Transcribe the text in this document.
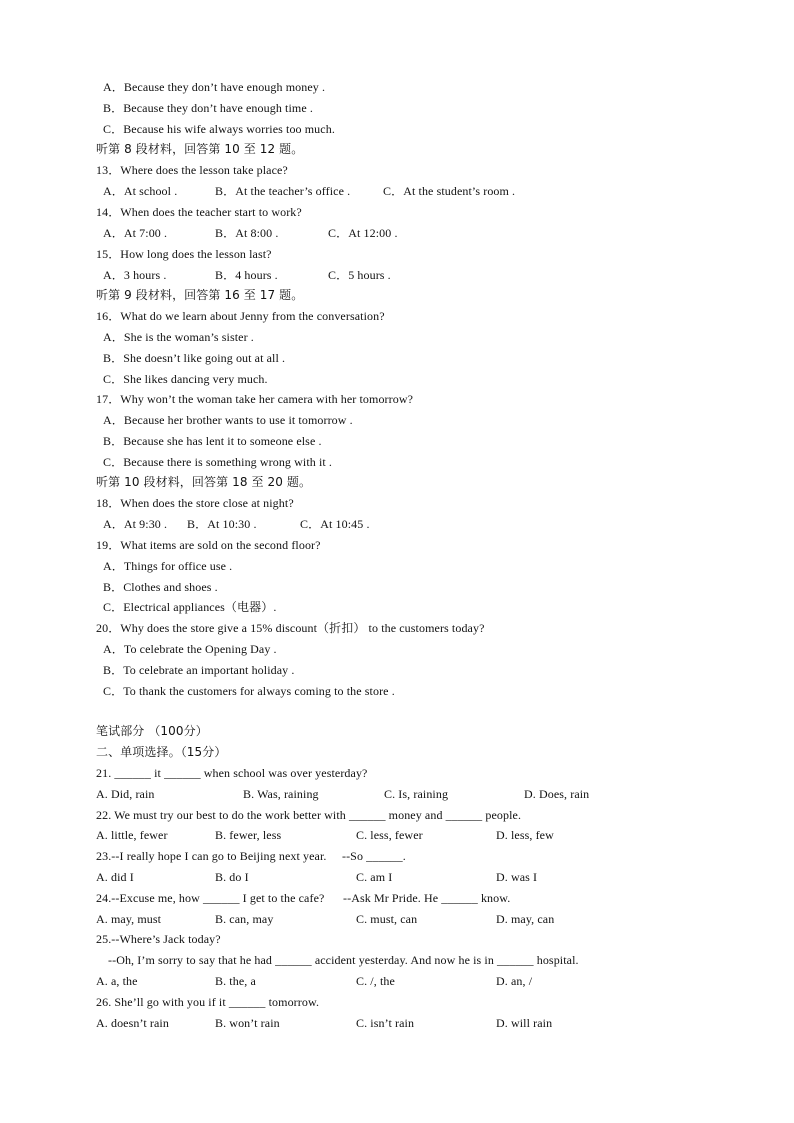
A．Because they don’t have enough money .
B．Because they don’t have enough time .
C．Because his wife always worries too much.
听第 8 段材料，回答第 10 至 12 题。
13．Where does the lesson take place?
A．At school .	B．At the teacher’s office .	C．At the student’s room .
14．When does the teacher start to work?
A．At 7:00 .	B．At 8:00 .	C．At 12:00 .
15．How long does the lesson last?
A．3 hours .	B．4 hours .	C．5 hours .
听第 9 段材料，回答第 16 至 17 题。
16．What do we learn about Jenny from the conversation?
A．She is the woman’s sister .
B．She doesn’t like going out at all .
C．She likes dancing very much.
17．Why won’t the woman take her camera with her tomorrow?
A．Because her brother wants to use it tomorrow .
B．Because she has lent it to someone else .
C．Because there is something wrong with it .
听第 10 段材料，回答第 18 至 20 题。
18．When does the store close at night?
A．At 9:30 . B．At 10:30 .	C．At 10:45 .
19．What items are sold on the second floor?
A．Things for office use .
B．Clothes and shoes .
C．Electrical appliances（电器）.
20．Why does the store give a 15% discount（折扣） to the customers today?
A．To celebrate the Opening Day .
B．To celebrate an important holiday .
C．To thank the customers for always coming to the store .
笔试部分 （100分）
二、单项选择。（15分）
21. ______ it ______ when school was over yesterday?
A. Did, rain	B. Was, raining	C. Is, raining	D. Does, rain
22. We must try our best to do the work better with ______ money and ______ people.
A. little, fewer	B. fewer, less	C. less, fewer	D. less, few
23.--I really hope I can go to Beijing next year.     --So ______.
A. did I	B. do I	C. am I	D. was I
24.--Excuse me, how ______ I get to the cafe?      --Ask Mr Pride. He ______ know.
A. may, must	B. can, may	C. must, can	D. may, can
25.--Where’s Jack today?
--Oh, I’m sorry to say that he had ______ accident yesterday. And now he is in ______ hospital.
A. a, the	B. the, a	C. /, the	D. an, /
26. She’ll go with you if it ______ tomorrow.
A. doesn’t rain	B. won’t rain	C. isn’t rain	D. will rain
